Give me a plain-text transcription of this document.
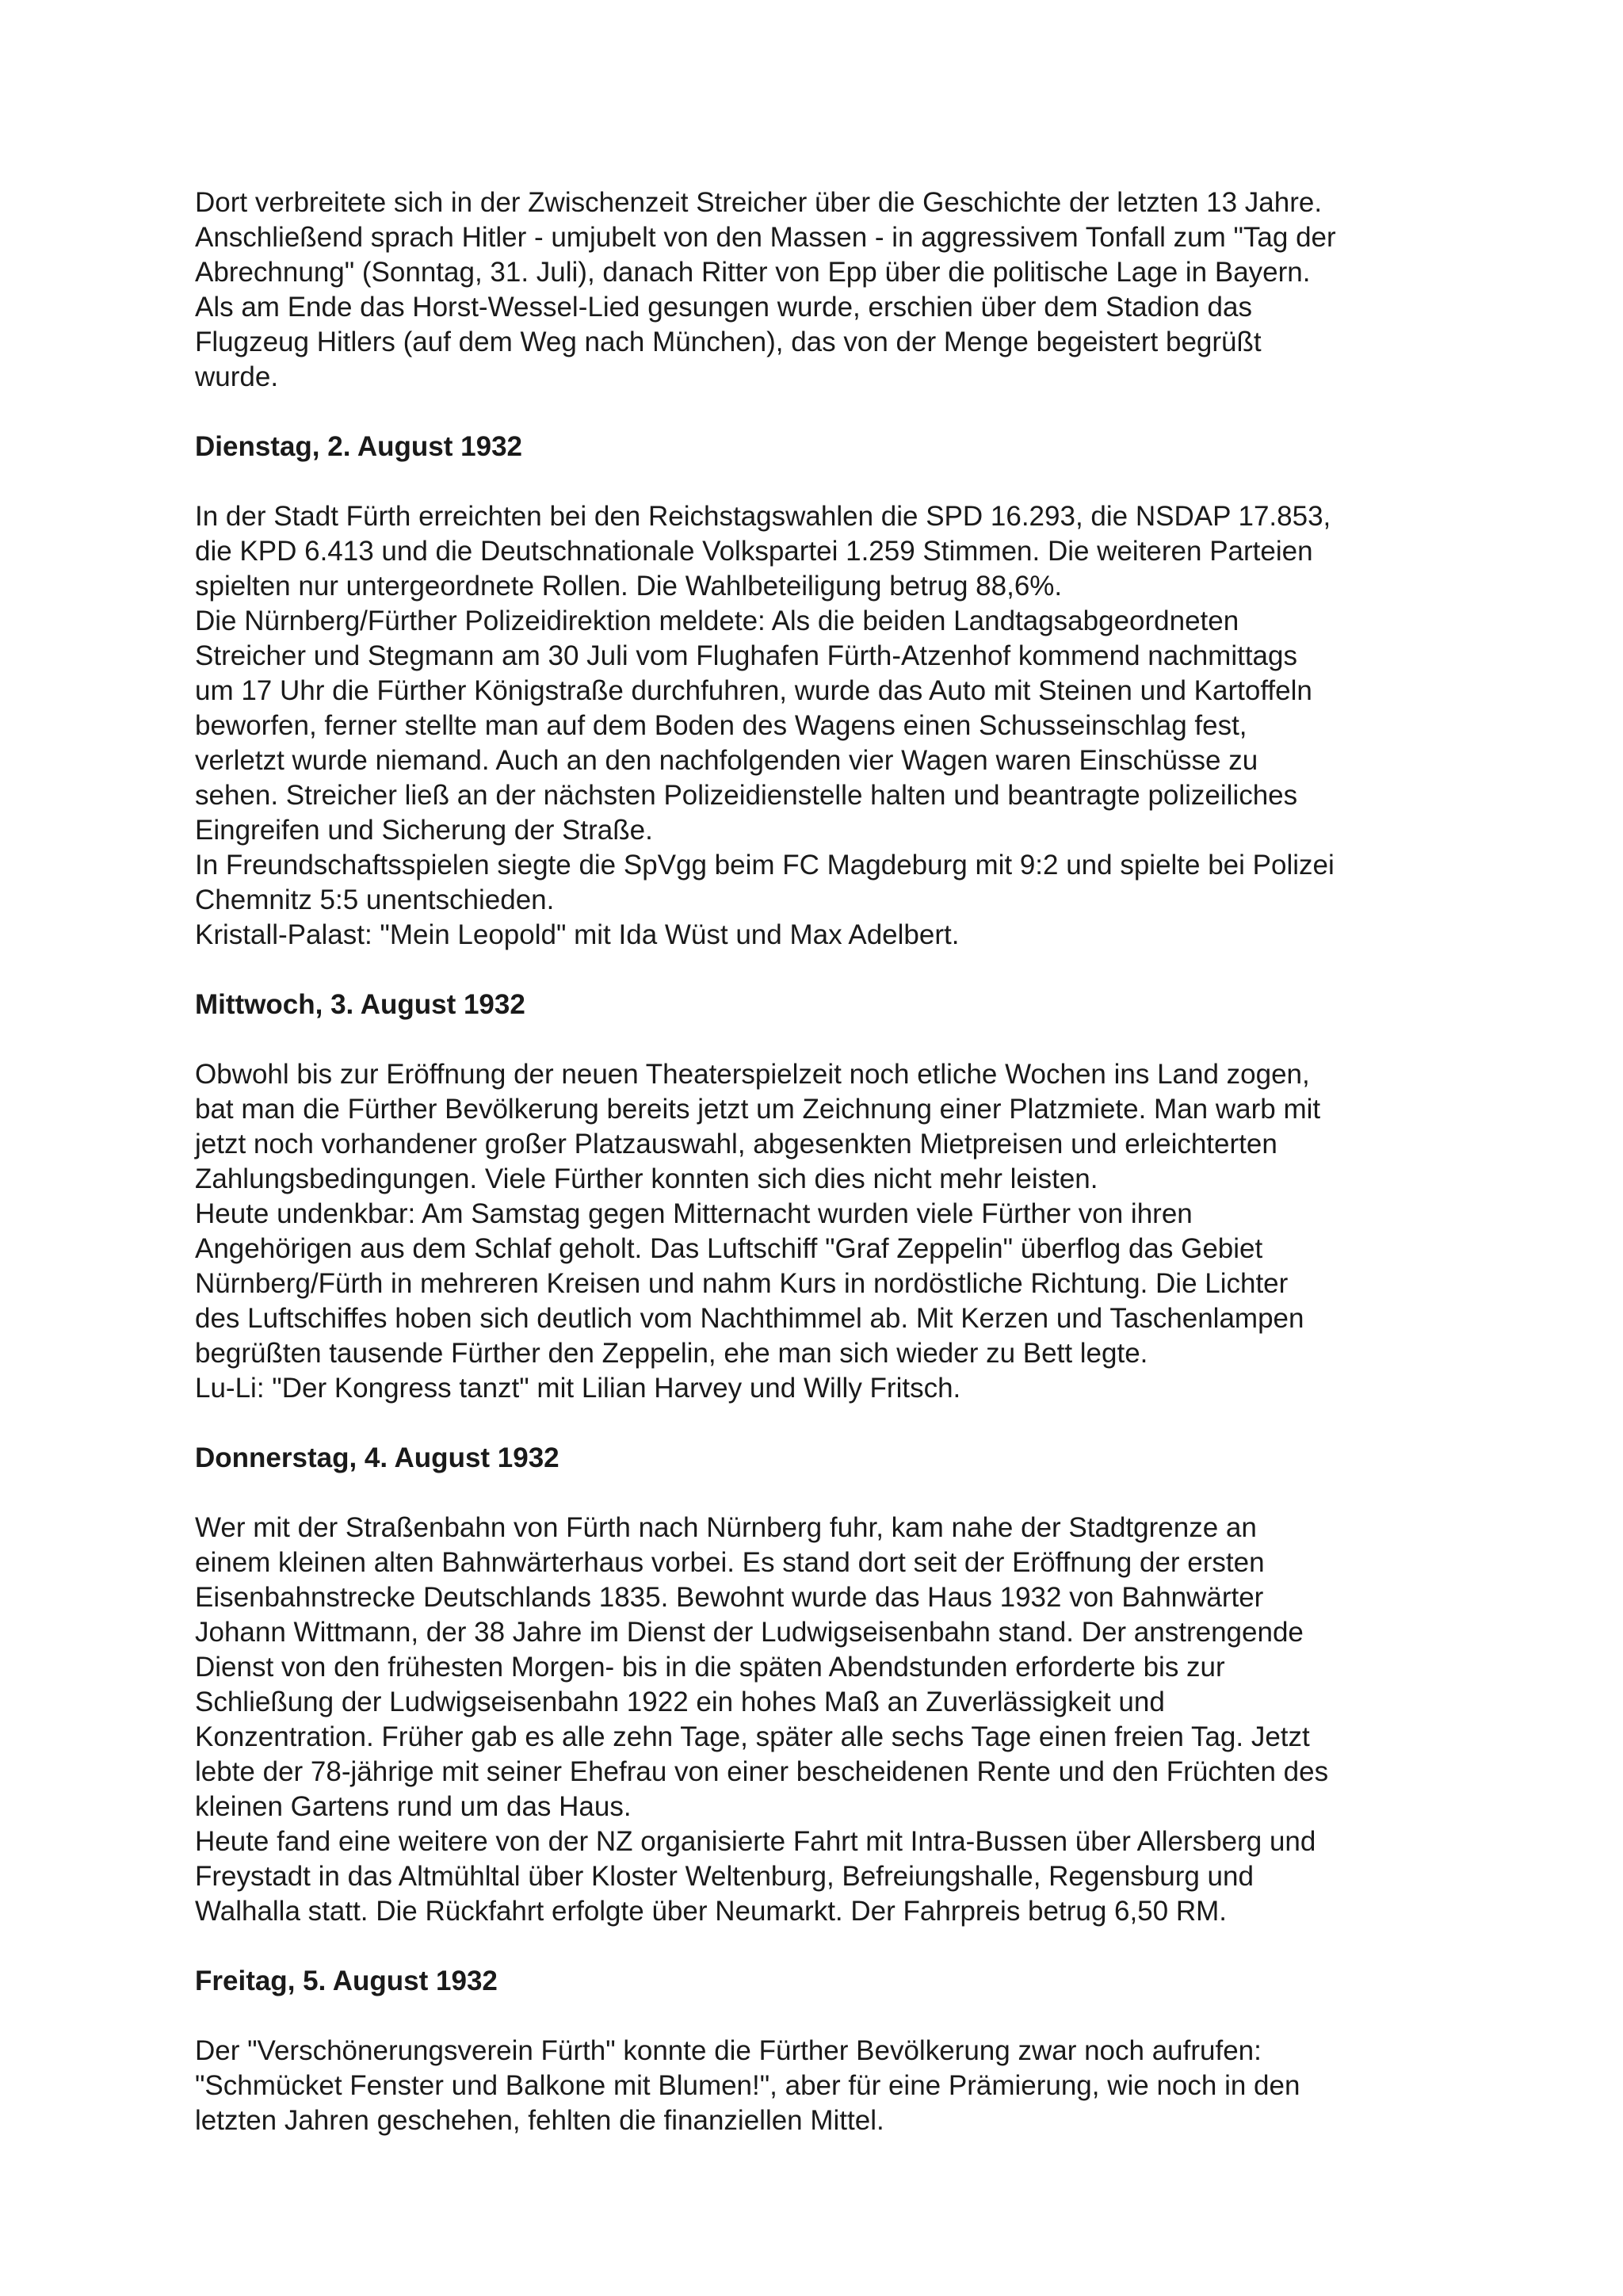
Dort verbreitete sich in der Zwischenzeit Streicher über die Geschichte der letzten 13 Jahre.
Anschließend sprach Hitler - umjubelt von den Massen - in aggressivem Tonfall zum "Tag der
Abrechnung" (Sonntag, 31. Juli), danach Ritter von Epp über die politische Lage in Bayern.
Als am Ende das Horst-Wessel-Lied gesungen wurde, erschien über dem Stadion das
Flugzeug Hitlers (auf dem Weg nach München), das von der Menge begeistert begrüßt
wurde.

Dienstag, 2. August 1932

In der Stadt Fürth erreichten bei den Reichstagswahlen die SPD 16.293, die NSDAP 17.853,
die KPD 6.413 und die Deutschnationale Volkspartei 1.259 Stimmen. Die weiteren Parteien
spielten nur untergeordnete Rollen. Die Wahlbeteiligung betrug 88,6%.
Die Nürnberg/Fürther Polizeidirektion meldete: Als die beiden Landtagsabgeordneten
Streicher und Stegmann am 30 Juli vom Flughafen Fürth-Atzenhof kommend nachmittags
um 17 Uhr die Fürther Königstraße durchfuhren, wurde das Auto mit Steinen und Kartoffeln
beworfen, ferner stellte man auf dem Boden des Wagens einen Schusseinschlag fest,
verletzt wurde niemand. Auch an den nachfolgenden vier Wagen waren Einschüsse zu
sehen. Streicher ließ an der nächsten Polizeidienstelle halten und beantragte polizeiliches
Eingreifen und Sicherung der Straße.
In Freundschaftsspielen siegte die SpVgg beim FC Magdeburg mit 9:2 und spielte bei Polizei
Chemnitz 5:5 unentschieden.
Kristall-Palast: "Mein Leopold" mit Ida Wüst und Max Adelbert.

Mittwoch, 3. August 1932

Obwohl bis zur Eröffnung der neuen Theaterspielzeit noch etliche Wochen ins Land zogen,
bat man die Fürther Bevölkerung bereits jetzt um Zeichnung einer Platzmiete. Man warb mit
jetzt noch vorhandener großer Platzauswahl, abgesenkten Mietpreisen und erleichterten
Zahlungsbedingungen. Viele Fürther konnten sich dies nicht mehr leisten.
Heute undenkbar: Am Samstag gegen Mitternacht wurden viele Fürther von ihren
Angehörigen aus dem Schlaf geholt. Das Luftschiff "Graf Zeppelin" überflog das Gebiet
Nürnberg/Fürth in mehreren Kreisen und nahm Kurs in nordöstliche Richtung. Die Lichter
des Luftschiffes hoben sich deutlich vom Nachthimmel ab. Mit Kerzen und Taschenlampen
begrüßten tausende Fürther den Zeppelin, ehe man sich wieder zu Bett legte.
Lu-Li: "Der Kongress tanzt" mit Lilian Harvey und Willy Fritsch.

Donnerstag, 4. August 1932

Wer mit der Straßenbahn von Fürth nach Nürnberg fuhr, kam nahe der Stadtgrenze an
einem kleinen alten Bahnwärterhaus vorbei. Es stand dort seit der Eröffnung der ersten
Eisenbahnstrecke Deutschlands 1835. Bewohnt wurde das Haus 1932 von Bahnwärter
Johann Wittmann, der 38 Jahre im Dienst der Ludwigseisenbahn stand. Der anstrengende
Dienst von den frühesten Morgen- bis in die späten Abendstunden erforderte bis zur
Schließung der Ludwigseisenbahn 1922 ein hohes Maß an Zuverlässigkeit und
Konzentration. Früher gab es alle zehn Tage, später alle sechs Tage einen freien Tag. Jetzt
lebte der 78-jährige mit seiner Ehefrau von einer bescheidenen Rente und den Früchten des
kleinen Gartens rund um das Haus.
Heute fand eine weitere von der NZ organisierte Fahrt mit Intra-Bussen über Allersberg und
Freystadt in das Altmühltal über Kloster Weltenburg, Befreiungshalle, Regensburg und
Walhalla statt. Die Rückfahrt erfolgte über Neumarkt. Der Fahrpreis betrug 6,50 RM.

Freitag, 5. August 1932

Der "Verschönerungsverein Fürth" konnte die Fürther Bevölkerung zwar noch aufrufen:
"Schmücket Fenster und Balkone mit Blumen!", aber für eine Prämierung, wie noch in den
letzten Jahren geschehen, fehlten die finanziellen Mittel.
